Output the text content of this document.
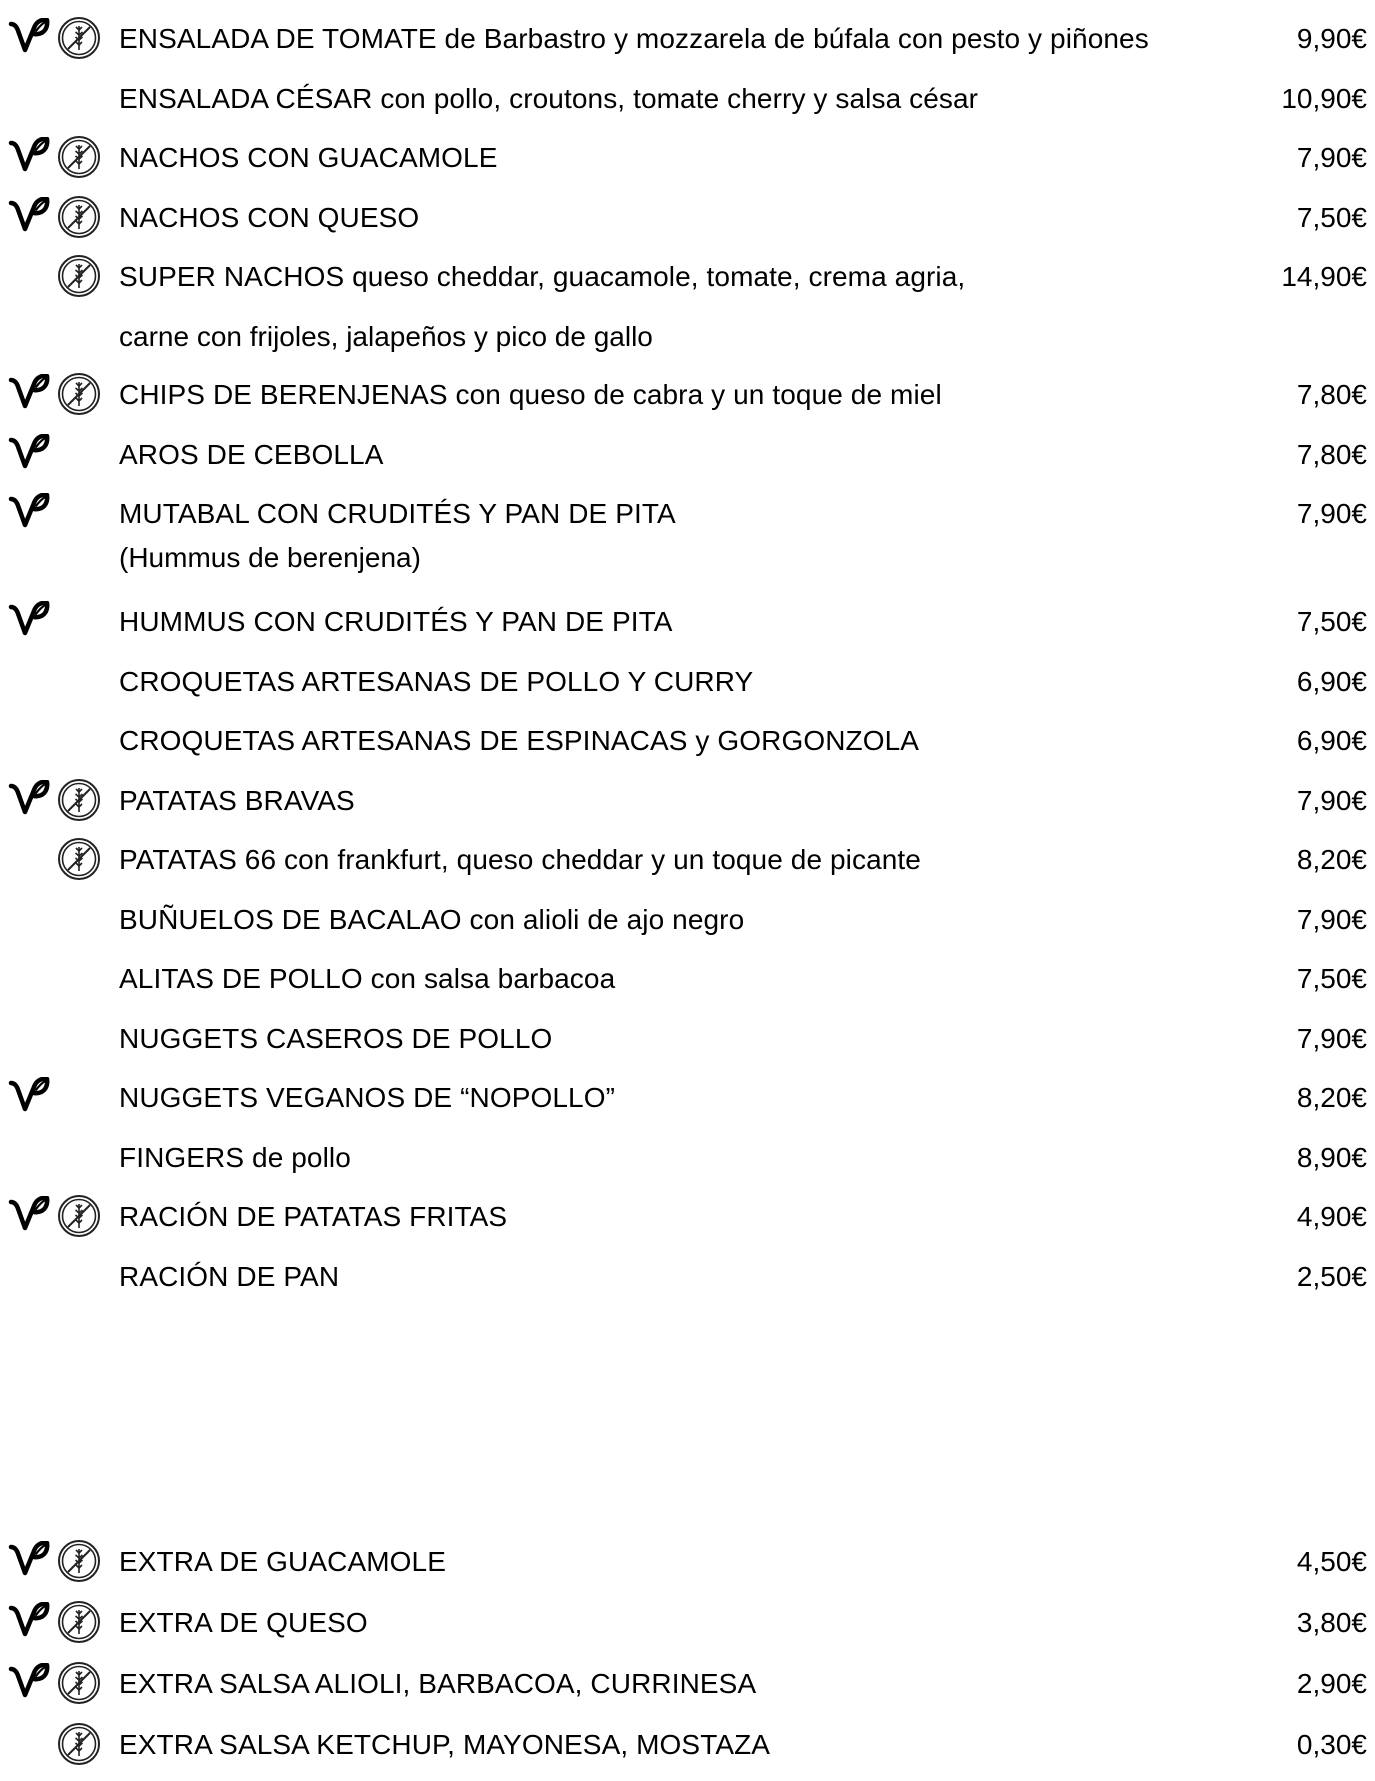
ENSALADA DE TOMATE de Barbastro y mozzarela de búfala con pesto y piñones	9,90€
ENSALADA CÉSAR con pollo, croutons, tomate cherry y salsa césar	10,90€
NACHOS CON GUACAMOLE	7,90€
NACHOS CON QUESO	7,50€
SUPER NACHOS queso cheddar, guacamole, tomate, crema agria,	14,90€
carne con frijoles, jalapeños y pico de gallo
CHIPS DE BERENJENAS con queso de cabra y un toque de miel	7,80€
AROS DE CEBOLLA	7,80€
MUTABAL CON CRUDITÉS Y PAN DE PITA	7,90€
(Hummus de berenjena)
HUMMUS CON CRUDITÉS Y PAN DE PITA	7,50€
CROQUETAS ARTESANAS DE POLLO Y CURRY	6,90€
CROQUETAS ARTESANAS DE ESPINACAS y GORGONZOLA	6,90€
PATATAS BRAVAS	7,90€
PATATAS 66 con frankfurt, queso cheddar y un toque de picante	8,20€
BUÑUELOS DE BACALAO con alioli de ajo negro	7,90€
ALITAS DE POLLO con salsa barbacoa	7,50€
NUGGETS CASEROS DE POLLO	7,90€
NUGGETS VEGANOS DE “NOPOLLO”	8,20€
FINGERS de pollo	8,90€
RACIÓN DE PATATAS FRITAS	4,90€
RACIÓN DE PAN	2,50€
EXTRA DE GUACAMOLE	4,50€
EXTRA DE QUESO	3,80€
EXTRA SALSA ALIOLI, BARBACOA, CURRINESA	2,90€
EXTRA SALSA KETCHUP, MAYONESA, MOSTAZA	0,30€
